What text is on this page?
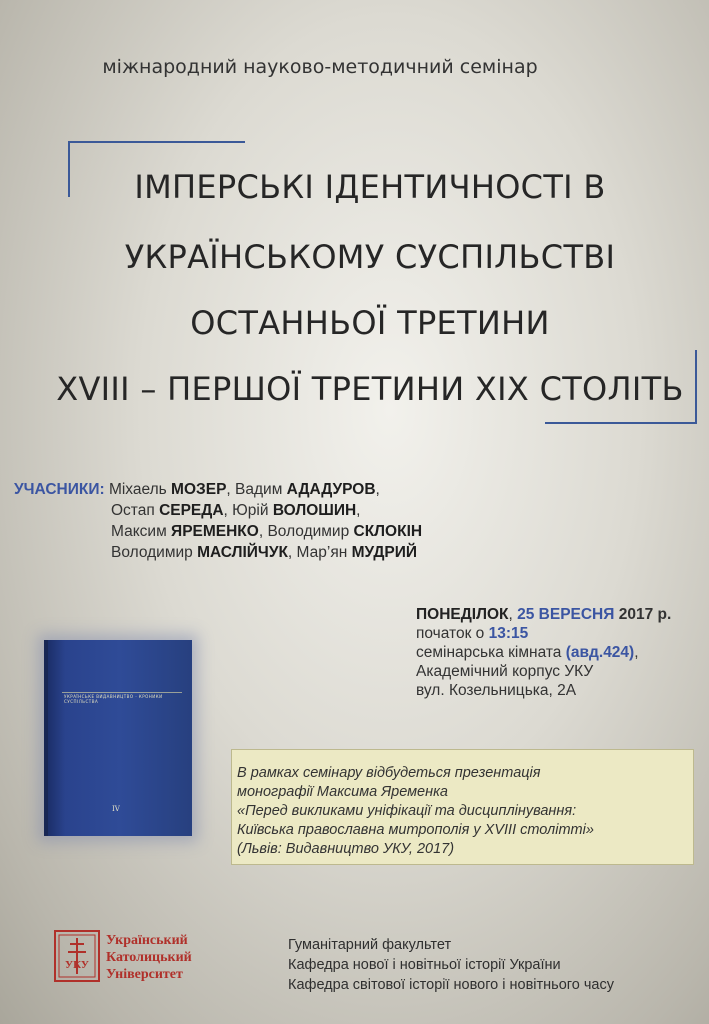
міжнародний науково-методичний семінар
ІМПЕРСЬКІ ІДЕНТИЧНОСТІ В
УКРАЇНСЬКОМУ СУСПІЛЬСТВІ
ОСТАННЬОЇ ТРЕТИНИ
XVIII – ПЕРШОЇ ТРЕТИНИ XIX СТОЛІТЬ
УЧАСНИКИ: Міхаель МОЗЕР, Вадим АДАДУРОВ,
Остап СЕРЕДА, Юрій ВОЛОШИН,
Максим ЯРЕМЕНКО, Володимир СКЛОКІН
Володимир МАСЛІЙЧУК, Мар’ян МУДРИЙ
ПОНЕДІЛОК, 25 ВЕРЕСНЯ 2017 р.
початок о 13:15
семінарська кімната (авд.424),
Академічний корпус УКУ
вул. Козельницька, 2А
УКРАЇНСЬКЕ ВИДАВНИЦТВО · КРОНИКИ СУСПІЛЬСТВА
IV
В рамках семінару відбудеться презентація
монографії Максима Яременка
«Перед викликами уніфікації та дисциплінування:
Київська православна митрополія у XVIII столітті»
(Львів: Видавництво УКУ, 2017)
УКУ
Український
Католицький
Університет
Гуманітарний факультет
Кафедра нової і новітньої історії України
Кафедра світової історії нового і новітнього часу
